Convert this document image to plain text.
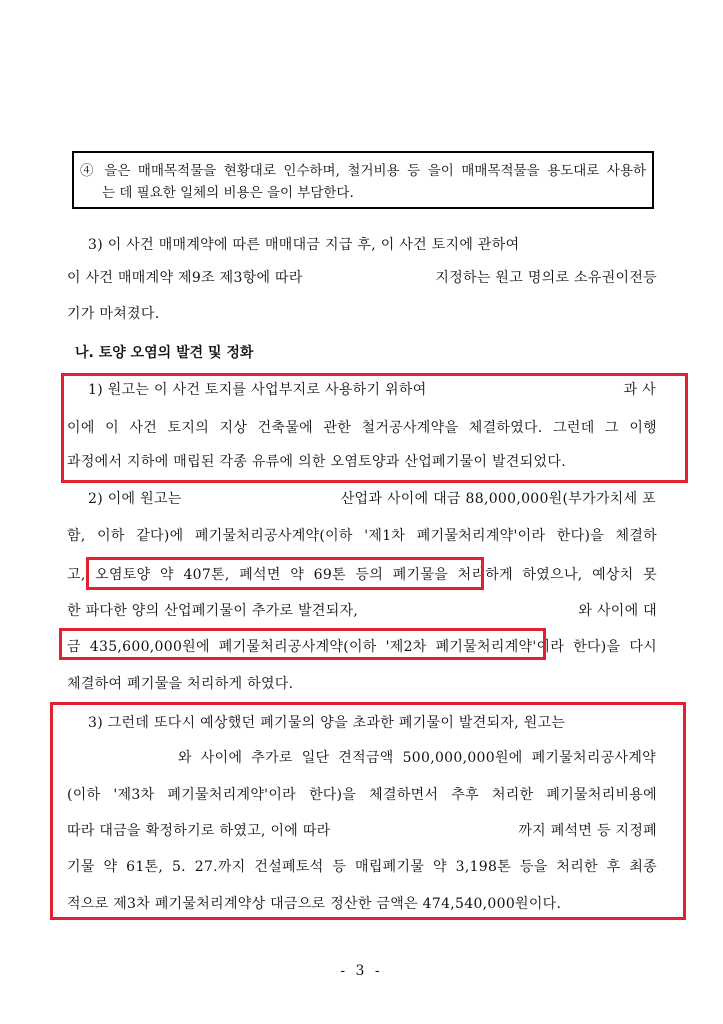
④ 을은 매매목적물을 현황대로 인수하며, 철거비용 등 을이 매매목적물을 용도대로 사용하
는 데 필요한 일체의 비용은 을이 부담한다.
3) 이 사건 매매계약에 따른 매매대금 지급 후, 이 사건 토지에 관하여
이 사건 매매계약 제9조 제3항에 따라	지정하는 원고 명의로 소유권이전등
기가 마쳐졌다.
나. 토양 오염의 발견 및 정화
1) 원고는 이 사건 토지를 사업부지로 사용하기 위하여	과 사
이에 이 사건 토지의 지상 건축물에 관한 철거공사계약을 체결하였다. 그런데 그 이행
과정에서 지하에 매립된 각종 유류에 의한 오염토양과 산업폐기물이 발견되었다.
2) 이에 원고는	산업과 사이에 대금 88,000,000원(부가가치세 포
함, 이하 같다)에 폐기물처리공사계약(이하 '제1차 폐기물처리계약'이라 한다)을 체결하
고, 오염토양 약 407톤, 폐석면 약 69톤 등의 폐기물을 처리하게 하였으나, 예상치 못
한 파다한 양의 산업폐기물이 추가로 발견되자,	와 사이에 대
금 435,600,000원에 폐기물처리공사계약(이하 '제2차 폐기물처리계약'이라 한다)을 다시
체결하여 폐기물을 처리하게 하였다.
3) 그런데 또다시 예상했던 폐기물의 양을 초과한 폐기물이 발견되자, 원고는
와 사이에 추가로 일단 견적금액 500,000,000원에 폐기물처리공사계약
(이하 '제3차 폐기물처리계약'이라 한다)을 체결하면서 추후 처리한 폐기물처리비용에
따라 대금을 확정하기로 하였고, 이에 따라	까지 폐석면 등 지정폐
기물 약 61톤, 5. 27.까지 건설폐토석 등 매립폐기물 약 3,198톤 등을 처리한 후 최종
적으로 제3차 폐기물처리계약상 대금으로 정산한 금액은 474,540,000원이다.
- 3 -
